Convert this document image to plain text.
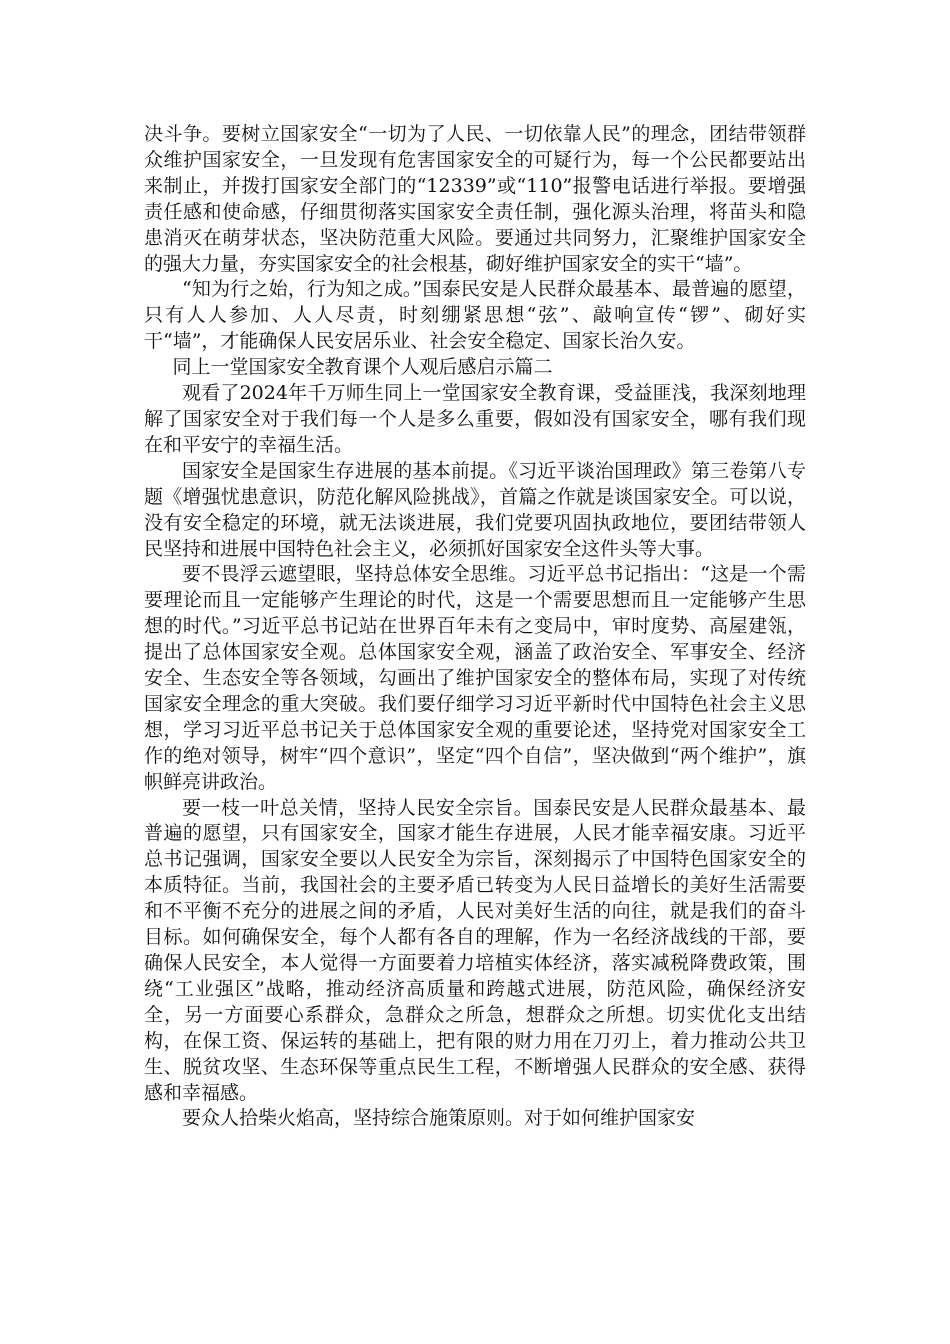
决斗争。要树立国家安全“一切为了人民、一切依靠人民”的理念，团结带领群众维护国家安全，一旦发现有危害国家安全的可疑行为，每一个公民都要站出来制止，并拨打国家安全部门的“12339”或“110”报警电话进行举报。要增强责任感和使命感，仔细贯彻落实国家安全责任制，强化源头治理，将苗头和隐患消灭在萌芽状态，坚决防范重大风险。要通过共同努力，汇聚维护国家安全的强大力量，夯实国家安全的社会根基，砌好维护国家安全的实干“墙”。

“知为行之始，行为知之成。”国泰民安是人民群众最基本、最普遍的愿望，只有人人参加、人人尽责，时刻绷紧思想“弦”、敲响宣传“锣”、砌好实干“墙”，才能确保人民安居乐业、社会安全稳定、国家长治久安。

同上一堂国家安全教育课个人观后感启示篇二

观看了2024年千万师生同上一堂国家安全教育课，受益匪浅，我深刻地理解了国家安全对于我们每一个人是多么重要，假如没有国家安全，哪有我们现在和平安宁的幸福生活。

国家安全是国家生存进展的基本前提。《习近平谈治国理政》第三卷第八专题《增强忧患意识，防范化解风险挑战》，首篇之作就是谈国家安全。可以说，没有安全稳定的环境，就无法谈进展，我们党要巩固执政地位，要团结带领人民坚持和进展中国特色社会主义，必须抓好国家安全这件头等大事。

要不畏浮云遮望眼，坚持总体安全思维。习近平总书记指出：“这是一个需要理论而且一定能够产生理论的时代，这是一个需要思想而且一定能够产生思想的时代。”习近平总书记站在世界百年未有之变局中，审时度势、高屋建瓴，提出了总体国家安全观。总体国家安全观，涵盖了政治安全、军事安全、经济安全、生态安全等各领域，勾画出了维护国家安全的整体布局，实现了对传统国家安全理念的重大突破。我们要仔细学习习近平新时代中国特色社会主义思想，学习习近平总书记关于总体国家安全观的重要论述，坚持党对国家安全工作的绝对领导，树牢“四个意识”，坚定“四个自信”，坚决做到“两个维护”，旗帜鲜亮讲政治。

要一枝一叶总关情，坚持人民安全宗旨。国泰民安是人民群众最基本、最普遍的愿望，只有国家安全，国家才能生存进展，人民才能幸福安康。习近平总书记强调，国家安全要以人民安全为宗旨，深刻揭示了中国特色国家安全的本质特征。当前，我国社会的主要矛盾已转变为人民日益增长的美好生活需要和不平衡不充分的进展之间的矛盾，人民对美好生活的向往，就是我们的奋斗目标。如何确保安全，每个人都有各自的理解，作为一名经济战线的干部，要确保人民安全，本人觉得一方面要着力培植实体经济，落实减税降费政策，围绕“工业强区”战略，推动经济高质量和跨越式进展，防范风险，确保经济安全，另一方面要心系群众，急群众之所急，想群众之所想。切实优化支出结构，在保工资、保运转的基础上，把有限的财力用在刀刃上，着力推动公共卫生、脱贫攻坚、生态环保等重点民生工程，不断增强人民群众的安全感、获得感和幸福感。

要众人拾柴火焰高，坚持综合施策原则。对于如何维护国家安
